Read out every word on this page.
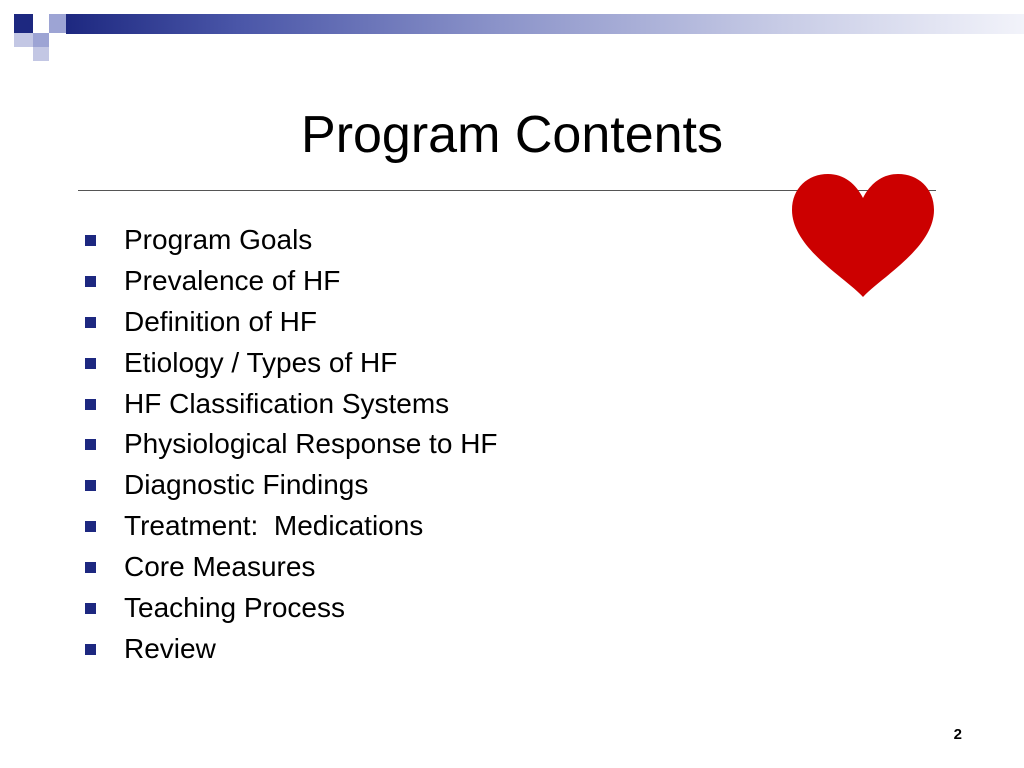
Program Contents
Program Goals
Prevalence of HF
Definition of HF
Etiology / Types of HF
HF Classification Systems
Physiological Response to HF
Diagnostic Findings
Treatment:  Medications
Core Measures
Teaching Process
Review
2
